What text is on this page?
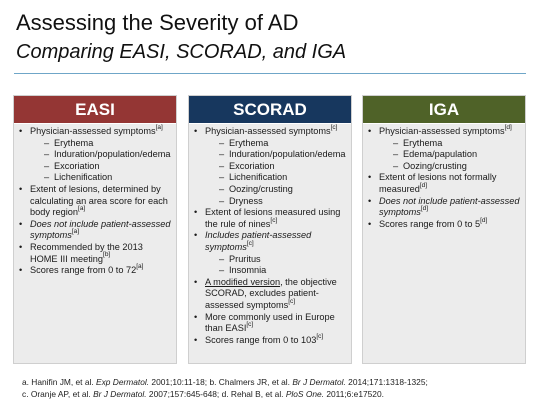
Assessing the Severity of AD
Comparing EASI, SCORAD, and IGA
EASI
• Physician-assessed symptoms[a]
– Erythema
– Induration/population/edema
– Excoriation
– Lichenification
• Extent of lesions, determined by calculating an area score for each body region[a]
• Does not include patient-assessed symptoms[a]
• Recommended by the 2013 HOME III meeting[b]
• Scores range from 0 to 72[a]
SCORAD
• Physician-assessed symptoms[c]
– Erythema
– Induration/population/edema
– Excoriation
– Lichenification
– Oozing/crusting
– Dryness
• Extent of lesions measured using the rule of nines[c]
• Includes patient-assessed symptoms[c]
– Pruritus
– Insomnia
• A modified version, the objective SCORAD, excludes patient-assessed symptoms[c]
• More commonly used in Europe than EASI[c]
• Scores range from 0 to 103[c]
IGA
• Physician-assessed symptoms[d]
– Erythema
– Edema/papulation
– Oozing/crusting
• Extent of lesions not formally measured[d]
• Does not include patient-assessed symptoms[d]
• Scores range from 0 to 5[d]
a. Hanifin JM, et al. Exp Dermatol. 2001;10:11-18; b. Chalmers JR, et al. Br J Dermatol. 2014;171:1318-1325;
c. Oranje AP, et al. Br J Dermatol. 2007;157:645-648; d. Rehal B, et al. PloS One. 2011;6:e17520.
